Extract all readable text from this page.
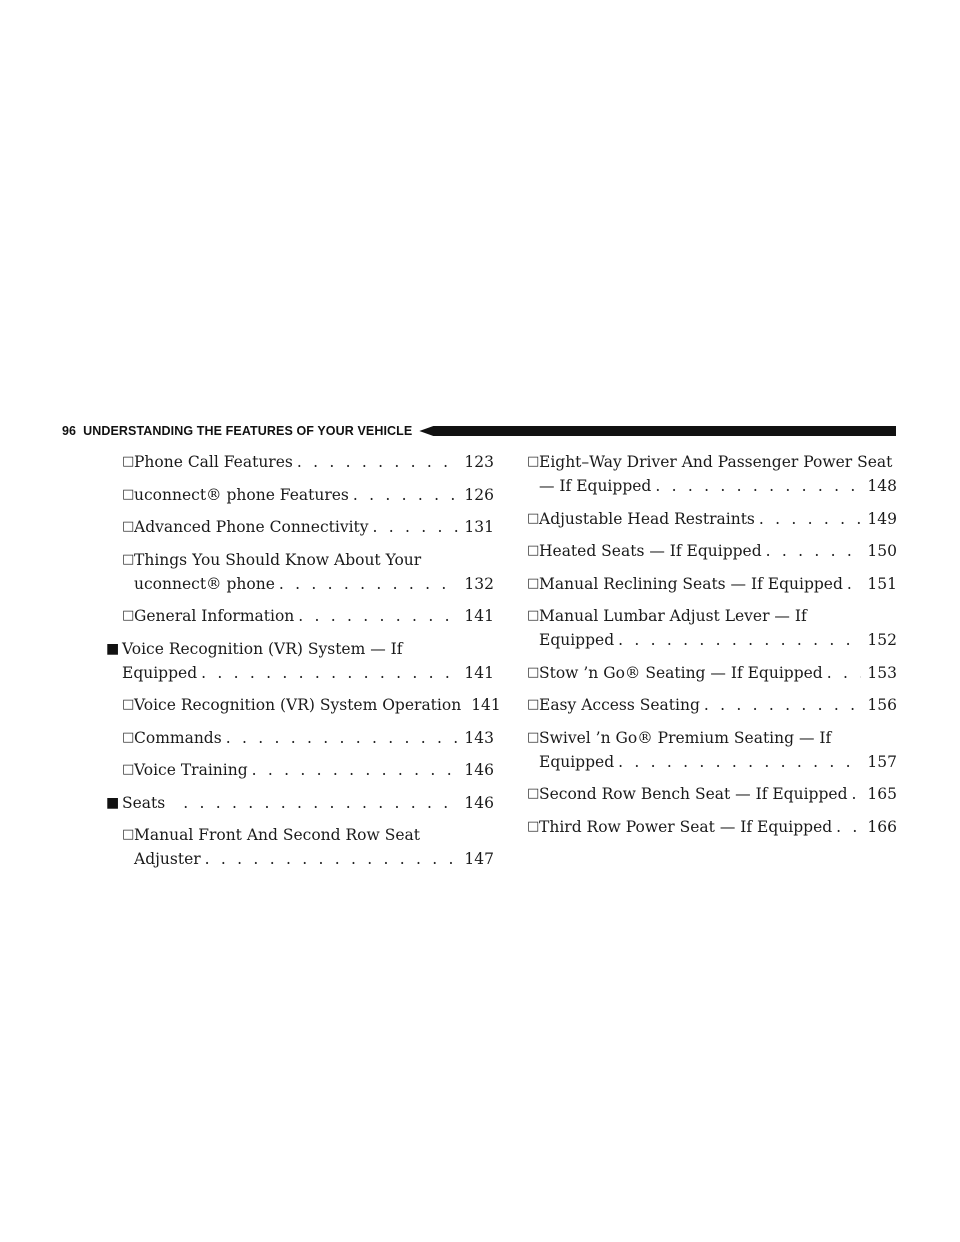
96 UNDERSTANDING THE FEATURES OF YOUR VEHICLE
□ Phone Call Features . . .	123
□ uconnect® phone Features . . .	126
□ Advanced Phone Connectivity . . .	131
□ Things You Should Know About Your
uconnect® phone . . .	132
□ General Information . . .	141
■ Voice Recognition (VR) System — If
Equipped . . .	141
□ Voice Recognition (VR) System Operation 141
□ Commands . . .	143
□ Voice Training . . .	146
■ Seats . . .	146
□ Manual Front And Second Row Seat
Adjuster . . .	147
□ Eight–Way Driver And Passenger Power Seat
— If Equipped . . .	148
□ Adjustable Head Restraints . . .	149
□ Heated Seats — If Equipped . . .	150
□ Manual Reclining Seats — If Equipped . . . 151
□ Manual Lumbar Adjust Lever — If
Equipped . . .	152
□ Stow ’n Go® Seating — If Equipped . . .	153
□ Easy Access Seating . . .	156
□ Swivel ’n Go® Premium Seating — If
Equipped . . .	157
□ Second Row Bench Seat — If Equipped . . . 165
□ Third Row Power Seat — If Equipped . . . 166
